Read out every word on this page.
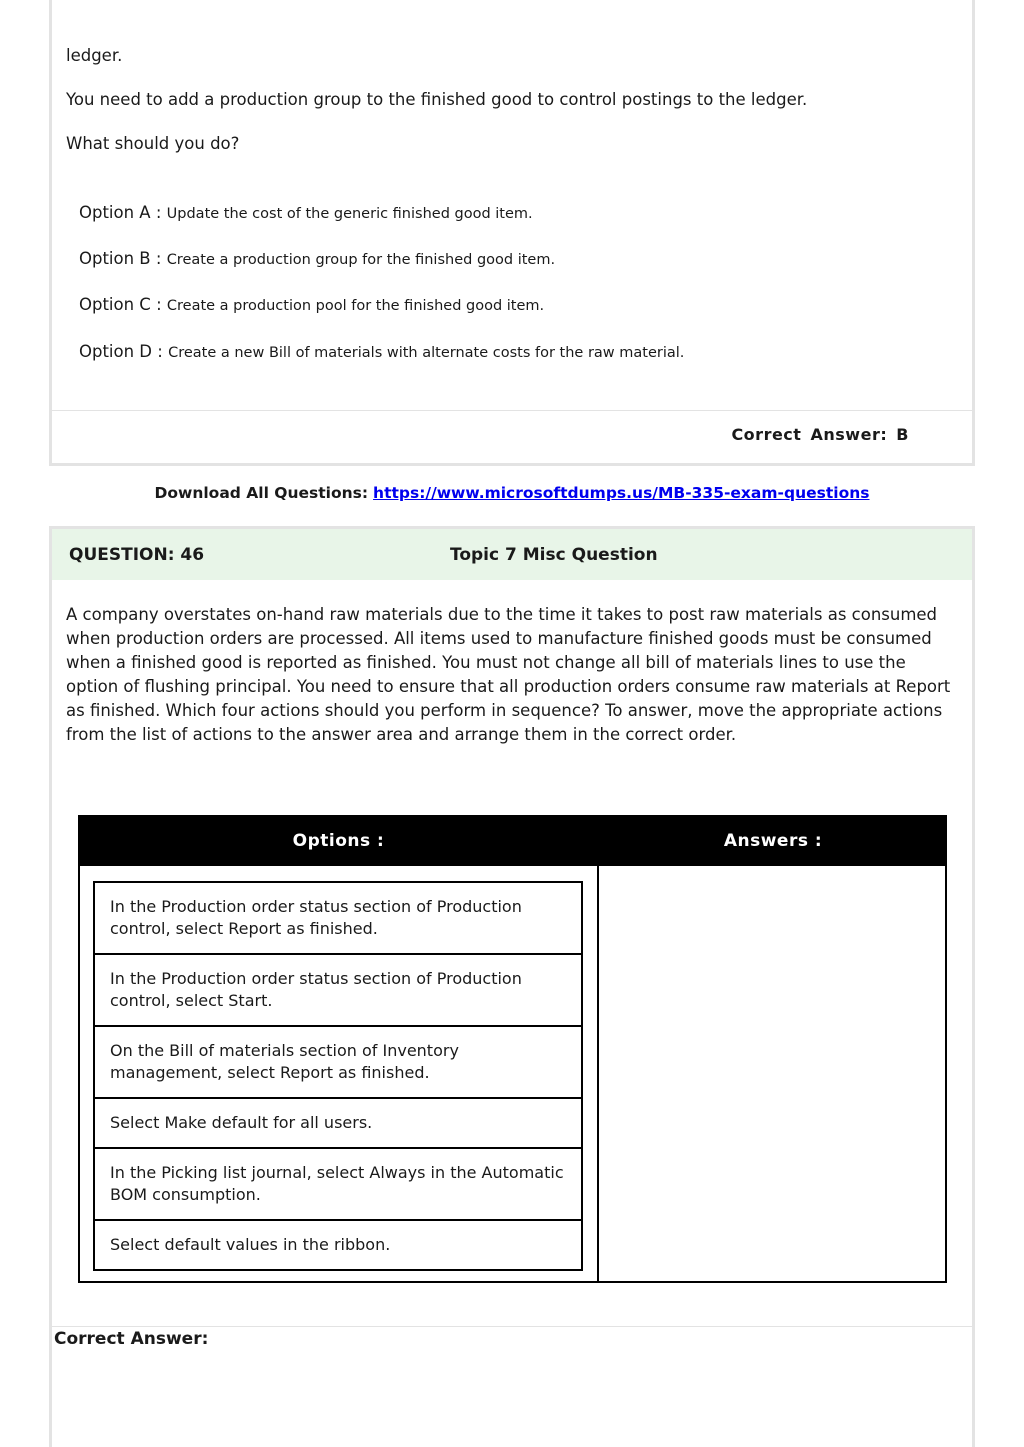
ledger.
You need to add a production group to the finished good to control postings to the ledger.
What should you do?
Option A : Update the cost of the generic finished good item.
Option B : Create a production group for the finished good item.
Option C : Create a production pool for the finished good item.
Option D : Create a new Bill of materials with alternate costs for the raw material.
Correct Answer: B
Download All Questions: https://www.microsoftdumps.us/MB-335-exam-questions
QUESTION: 46	Topic 7 Misc Question
A company overstates on-hand raw materials due to the time it takes to post raw materials as consumed when production orders are processed. All items used to manufacture finished goods must be consumed when a finished good is reported as finished. You must not change all bill of materials lines to use the option of flushing principal. You need to ensure that all production orders consume raw materials at Report as finished. Which four actions should you perform in sequence? To answer, move the appropriate actions from the list of actions to the answer area and arrange them in the correct order.
Options :	Answers :
In the Production order status section of Production control, select Report as finished.
In the Production order status section of Production control, select Start.
On the Bill of materials section of Inventory management, select Report as finished.
Select Make default for all users.
In the Picking list journal, select Always in the Automatic BOM consumption.
Select default values in the ribbon.
Correct Answer:
